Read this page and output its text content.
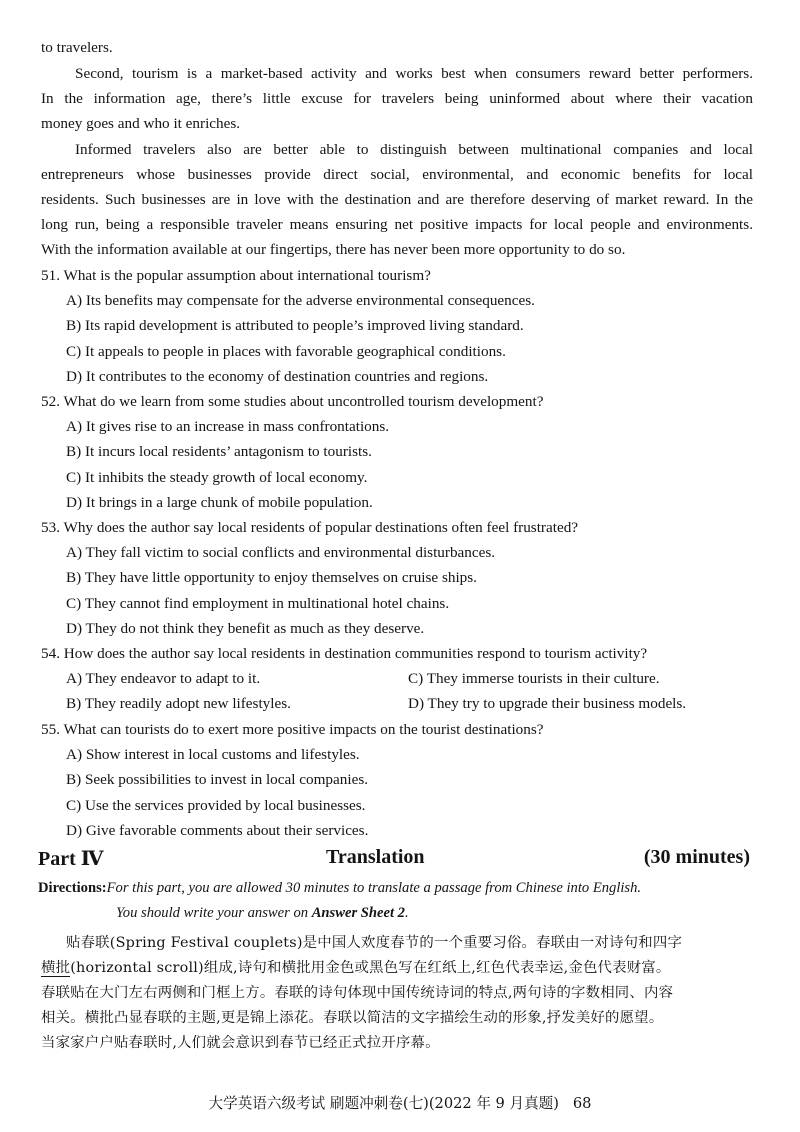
to travelers.
Second, tourism is a market-based activity and works best when consumers reward better performers.
In the information age, there’s little excuse for travelers being uninformed about where their vacation
money goes and who it enriches.
Informed travelers also are better able to distinguish between multinational companies and local
entrepreneurs whose businesses provide direct social, environmental, and economic benefits for local
residents. Such businesses are in love with the destination and are therefore deserving of market reward. In the
long run, being a responsible traveler means ensuring net positive impacts for local people and environments.
With the information available at our fingertips, there has never been more opportunity to do so.
51. What is the popular assumption about international tourism?
A) Its benefits may compensate for the adverse environmental consequences.
B) Its rapid development is attributed to people’s improved living standard.
C) It appeals to people in places with favorable geographical conditions.
D) It contributes to the economy of destination countries and regions.
52. What do we learn from some studies about uncontrolled tourism development?
A) It gives rise to an increase in mass confrontations.
B) It incurs local residents’ antagonism to tourists.
C) It inhibits the steady growth of local economy.
D) It brings in a large chunk of mobile population.
53. Why does the author say local residents of popular destinations often feel frustrated?
A) They fall victim to social conflicts and environmental disturbances.
B) They have little opportunity to enjoy themselves on cruise ships.
C) They cannot find employment in multinational hotel chains.
D) They do not think they benefit as much as they deserve.
54. How does the author say local residents in destination communities respond to tourism activity?
A) They endeavor to adapt to it.	C) They immerse tourists in their culture.
B) They readily adopt new lifestyles.	D) They try to upgrade their business models.
55. What can tourists do to exert more positive impacts on the tourist destinations?
A) Show interest in local customs and lifestyles.
B) Seek possibilities to invest in local companies.
C) Use the services provided by local businesses.
D) Give favorable comments about their services.
Part Ⅳ	Translation	(30 minutes)
Directions:For this part, you are allowed 30 minutes to translate a passage from Chinese into English.
You should write your answer on Answer Sheet 2.
贴春联(Spring Festival couplets)是中国人欢度春节的一个重要习俗。春联由一对诗句和四字
横批(horizontal scroll)组成,诗句和横批用金色或黑色写在红纸上,红色代表幸运,金色代表财富。
春联贴在大门左右两侧和门框上方。春联的诗句体现中国传统诗词的特点,两句诗的字数相同、内容
相关。横批凸显春联的主题,更是锦上添花。春联以简洁的文字描绘生动的形象,抒发美好的愿望。
当家家户户贴春联时,人们就会意识到春节已经正式拉开序幕。
大学英语六级考试 刷题冲刺卷(七)(2022 年 9 月真题) 68
